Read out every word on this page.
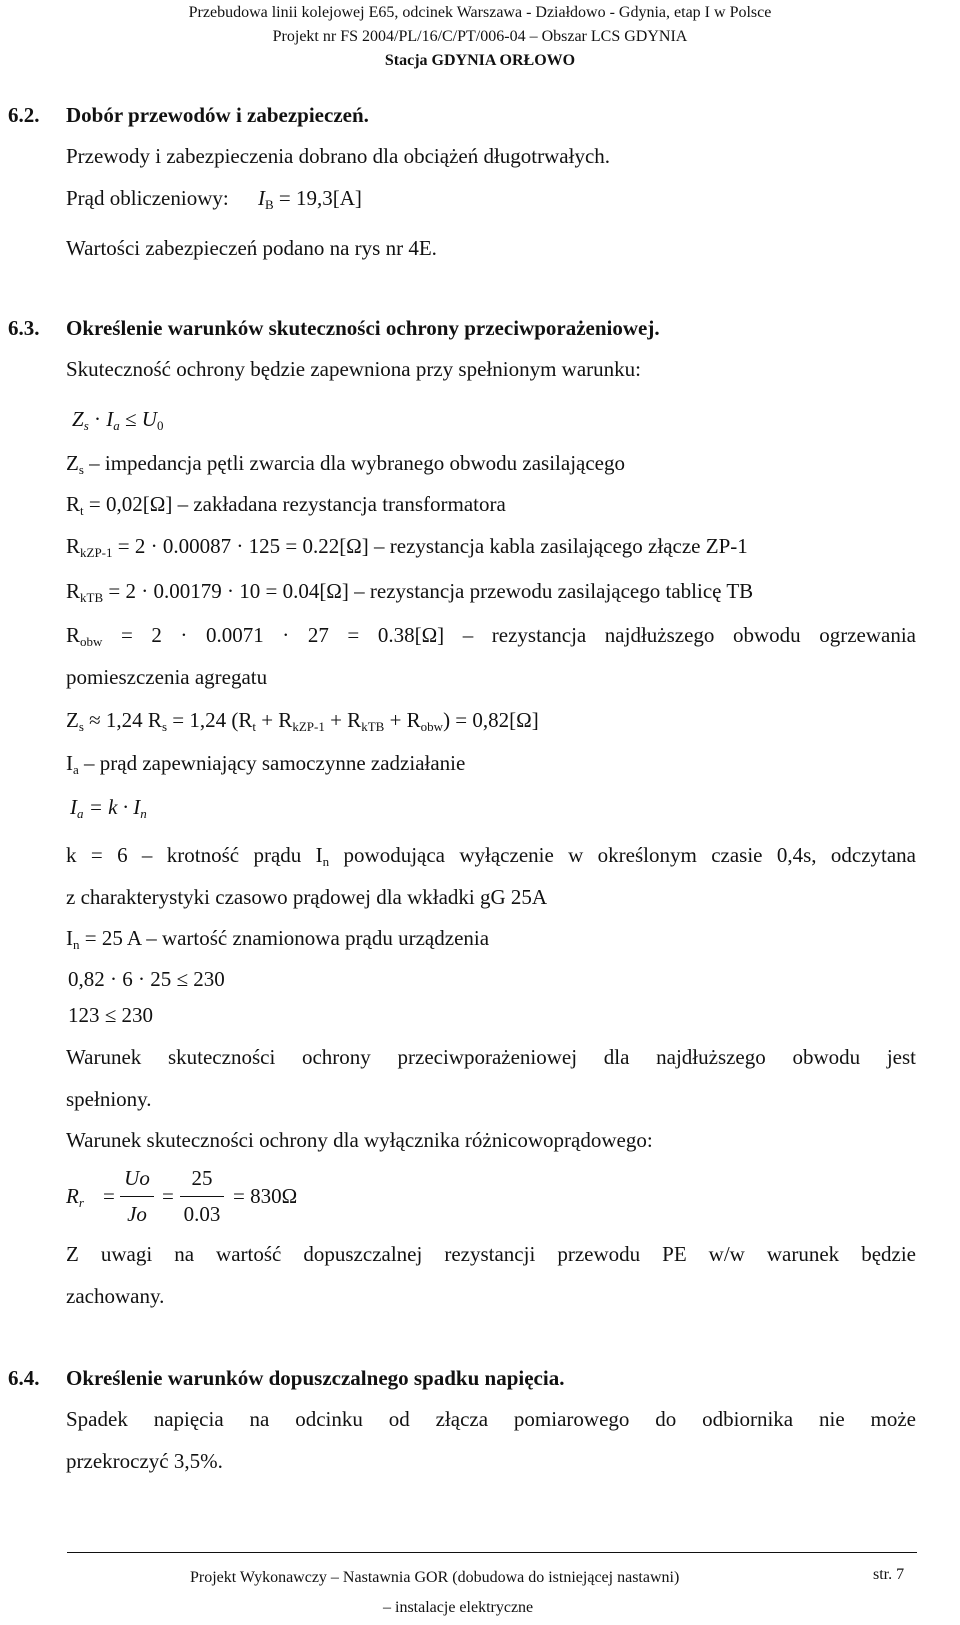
Przebudowa linii kolejowej E65, odcinek Warszawa - Działdowo - Gdynia, etap I w Polsce
Projekt nr FS 2004/PL/16/C/PT/006-04 – Obszar LCS GDYNIA
Stacja GDYNIA ORŁOWO
6.2. Dobór przewodów i zabezpieczeń.
Przewody i zabezpieczenia dobrano dla obciążeń długotrwałych.
Prąd obliczeniowy: $I_B = 19,3[A]$
Wartości zabezpieczeń podano na rys nr 4E.
6.3. Określenie warunków skuteczności ochrony przeciwporażeniowej.
Skuteczność ochrony będzie zapewniona przy spełnionym warunku:
$Z_s \cdot I_a \le U_0$
$Z_s$ – impedancja pętli zwarcia dla wybranego obwodu zasilającego
$R_t = 0,02[\Omega]$ – zakładana rezystancja transformatora
$R_{kZP-1} = 2 \cdot 0.00087 \cdot 125 = 0.22[\Omega]$ – rezystancja kabla zasilającego złącze ZP-1
$R_{kTB} = 2 \cdot 0.00179 \cdot 10 = 0.04[\Omega]$ – rezystancja przewodu zasilającego tablicę TB
$R_{obw} = 2 \cdot 0.0071 \cdot 27 = 0.38[\Omega]$ – rezystancja najdłuższego obwodu ogrzewania
pomieszczenia agregatu
$Z_s \approx 1,24$ $R_s = 1,24$ $(R_t + R_{kZP-1} + R_{kTB} + R_{obw}) = 0,82[\Omega]$
$I_a$ – prąd zapewniający samoczynne zadziałanie
$I_a = k \cdot I_n$
k = 6 – krotność prądu $I_n$ powodująca wyłączenie w określonym czasie 0,4s, odczytana
z charakterystyki czasowo prądowej dla wkładki gG 25A
$I_n = 25$ A – wartość znamionowa prądu urządzenia
0,82 · 6 · 25 ≤ 230
123 ≤ 230
Warunek skuteczności ochrony przeciwporażeniowej dla najdłuższego obwodu jest
spełniony.
Warunek skuteczności ochrony dla wyłącznika różnicowoprądowego:
$R_r$ =
Uo
Jo
=
25
0.03
= 830Ω
Z uwagi na wartość dopuszczalnej rezystancji przewodu PE w/w warunek będzie
zachowany.
6.4. Określenie warunków dopuszczalnego spadku napięcia.
Spadek napięcia na odcinku od złącza pomiarowego do odbiornika nie może
przekroczyć 3,5%.
Projekt Wykonawczy – Nastawnia GOR (dobudowa do istniejącej nastawni)	str. 7
– instalacje elektryczne
